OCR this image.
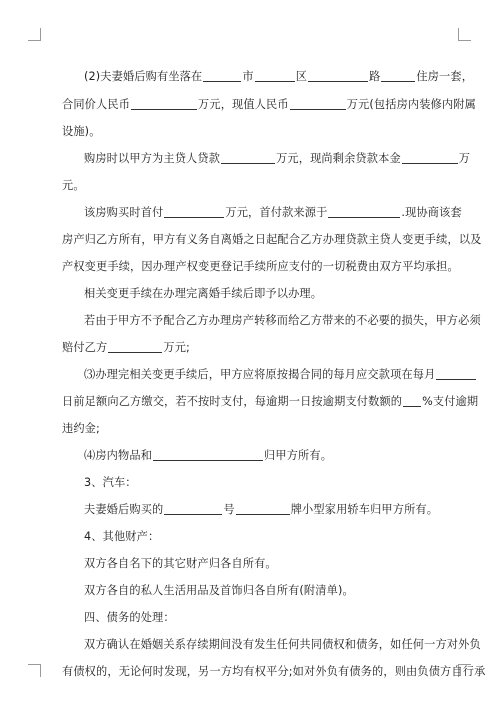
(2)夫妻婚后购有坐落在	市	区	路	住房一套，
合同价人民币	万元，现值人民币	万元(包括房内装修内附属
设施)。
购房时以甲方为主贷人贷款	万元，现尚剩余贷款本金	万
元。
该房购买时首付	万元，首付款来源于	.现协商该套
房产归乙方所有，甲方有义务自离婚之日起配合乙方办理贷款主贷人变更手续，以及
产权变更手续，因办理产权变更登记手续所应支付的一切税费由双方平均承担。
相关变更手续在办理完离婚手续后即予以办理。
若由于甲方不予配合乙方办理房产转移而给乙方带来的不必要的损失，甲方必须
赔付乙方	万元;
⑶办理完相关变更手续后，甲方应将原按揭合同的每月应交款项在每月
日前足额向乙方缴交，若不按时支付，每逾期一日按逾期支付数额的 %支付逾期
违约金;
⑷房内物品和	归甲方所有。
3、汽车：
夫妻婚后购买的	号	牌小型家用轿车归甲方所有。
4、其他财产：
双方各自名下的其它财产归各自所有。
双方各自的私人生活用品及首饰归各自所有(附清单)。
四、债务的处理：
双方确认在婚姻关系存续期间没有发生任何共同债权和债务，如任何一方对外负
有债权的，无论何时发现，另一方均有权平分;如对外负有债务的，则由负债方自行承
